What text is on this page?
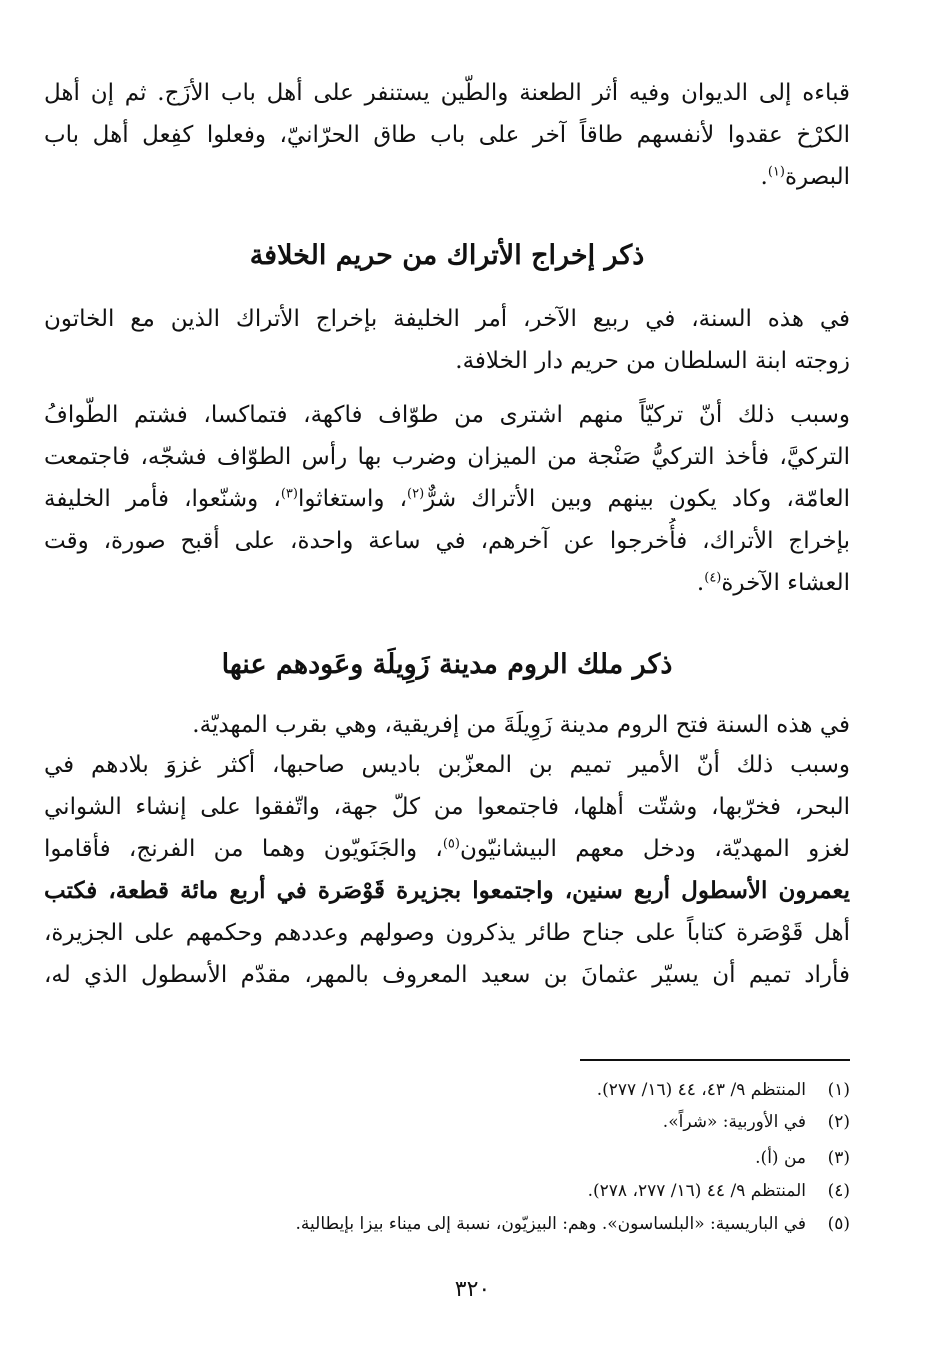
قباءه إلى الديوان وفيه أثر الطعنة والطّين يستنفر على أهل باب الأزَج. ثم إن أهل
الكرْخ عقدوا لأنفسهم طاقاً آخر على باب طاق الحرّانيّ، وفعلوا كفِعل أهل باب
البصرة$^{(١)}$.
ذكر إخراج الأتراك من حريم الخلافة
في هذه السنة، في ربيع الآخر، أمر الخليفة بإخراج الأتراك الذين مع الخاتون
زوجته ابنة السلطان من حريم دار الخلافة.
وسبب ذلك أنّ تركيّاً منهم اشترى من طوّاف فاكهة، فتماكسا، فشتم الطّوافُ
التركيَّ، فأخذ التركيُّ صَنْجة من الميزان وضرب بها رأس الطوّاف فشجّه، فاجتمعت
العامّة، وكاد يكون بينهم وبين الأتراك شرٌّ$^{(٢)}$، واستغاثوا$^{(٣)}$، وشنّعوا، فأمر الخليفة
بإخراج الأتراك، فأُخرجوا عن آخرهم، في ساعة واحدة، على أقبح صورة، وقت
العشاء الآخرة$^{(٤)}$.
ذكر ملك الروم مدينة زَوِيلَة وعَودهم عنها
في هذه السنة فتح الروم مدينة زَوِيلَةَ من إفريقية، وهي بقرب المهديّة.
وسبب ذلك أنّ الأمير تميم بن المعزّبن باديس صاحبها، أكثر غزوَ بلادهم في
البحر، فخرّبها، وشتّت أهلها، فاجتمعوا من كلّ جهة، واتّفقوا على إنشاء الشواني
لغزو المهديّة، ودخل معهم البيشانيّون$^{(٥)}$، والجَنَويّون وهما من الفرنج، فأقاموا
يعمرون الأسطول أربع سنين، واجتمعوا بجزيرة قَوْصَرة في أربع مائة قطعة، فكتب
أهل قَوْصَرة كتاباً على جناح طائر يذكرون وصولهم وعددهم وحكمهم على الجزيرة،
فأراد تميم أن يسيّر عثمانَ بن سعيد المعروف بالمهر، مقدّم الأسطول الذي له،
(١)المنتظم ٩/ ٤٣، ٤٤ (١٦/ ٢٧٧).
(٢)في الأوربية: «شراً».
(٣)من (أ).
(٤)المنتظم ٩/ ٤٤ (١٦/ ٢٧٧، ٢٧٨).
(٥)في الباريسية: «البلساسون». وهم: البيزيّون، نسبة إلى ميناء بيزا بإيطالية.
٣٢٠
